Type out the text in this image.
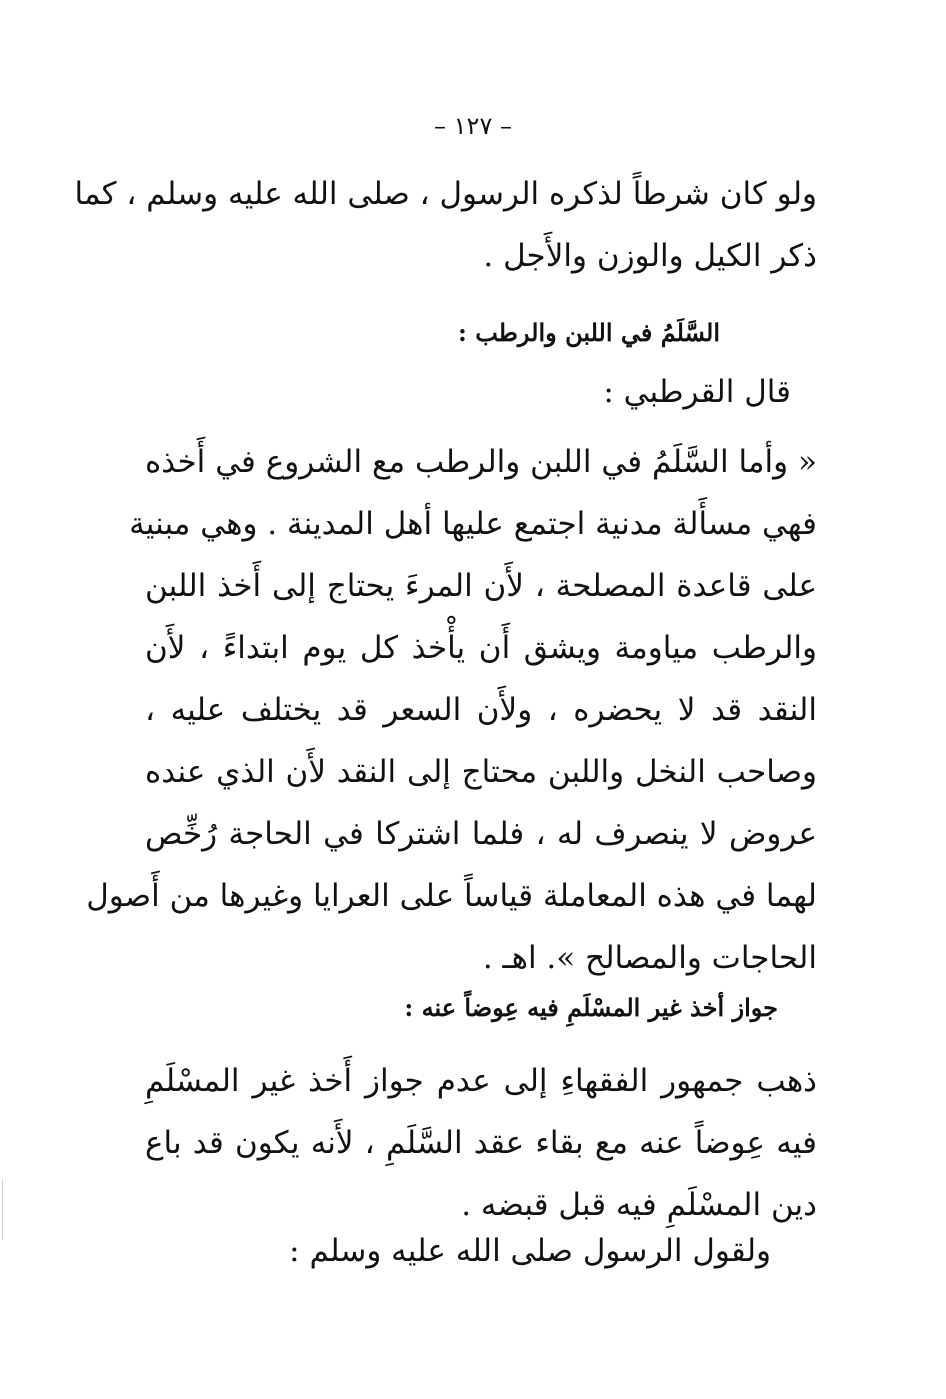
– ١٢٧ –
ولو كان شرطاً لذكره الرسول ، صلى الله عليه وسلم ، كما
ذكر الكيل والوزن والأَجل .
السَّلَمُ في اللبن والرطب :
قال القرطبي :
« وأما السَّلَمُ في اللبن والرطب مع الشروع في أَخذه
فهي مسأَلة مدنية اجتمع عليها أهل المدينة . وهي مبنية
على قاعدة المصلحة ، لأَن المرءَ يحتاج إلى أَخذ اللبن
والرطب مياومة ويشق أَن يأْخذ كل يوم ابتداءً ، لأَن
النقد قد لا يحضره ، ولأَن السعر قد يختلف عليه ،
وصاحب النخل واللبن محتاج إلى النقد لأَن الذي عنده
عروض لا ينصرف له ، فلما اشتركا في الحاجة رُخِّص
لهما في هذه المعاملة قياساً على العرايا وغيرها من أَصول
الحاجات والمصالح ». اهـ .
جواز أخذ غير المسْلَمِ فيه عِوضاً عنه :
ذهب جمهور الفقهاءِ إلى عدم جواز أَخذ غير المسْلَمِ
فيه عِوضاً عنه مع بقاء عقد السَّلَمِ ، لأَنه يكون قد باع
دين المسْلَمِ فيه قبل قبضه .
ولقول الرسول صلى الله عليه وسلم :
